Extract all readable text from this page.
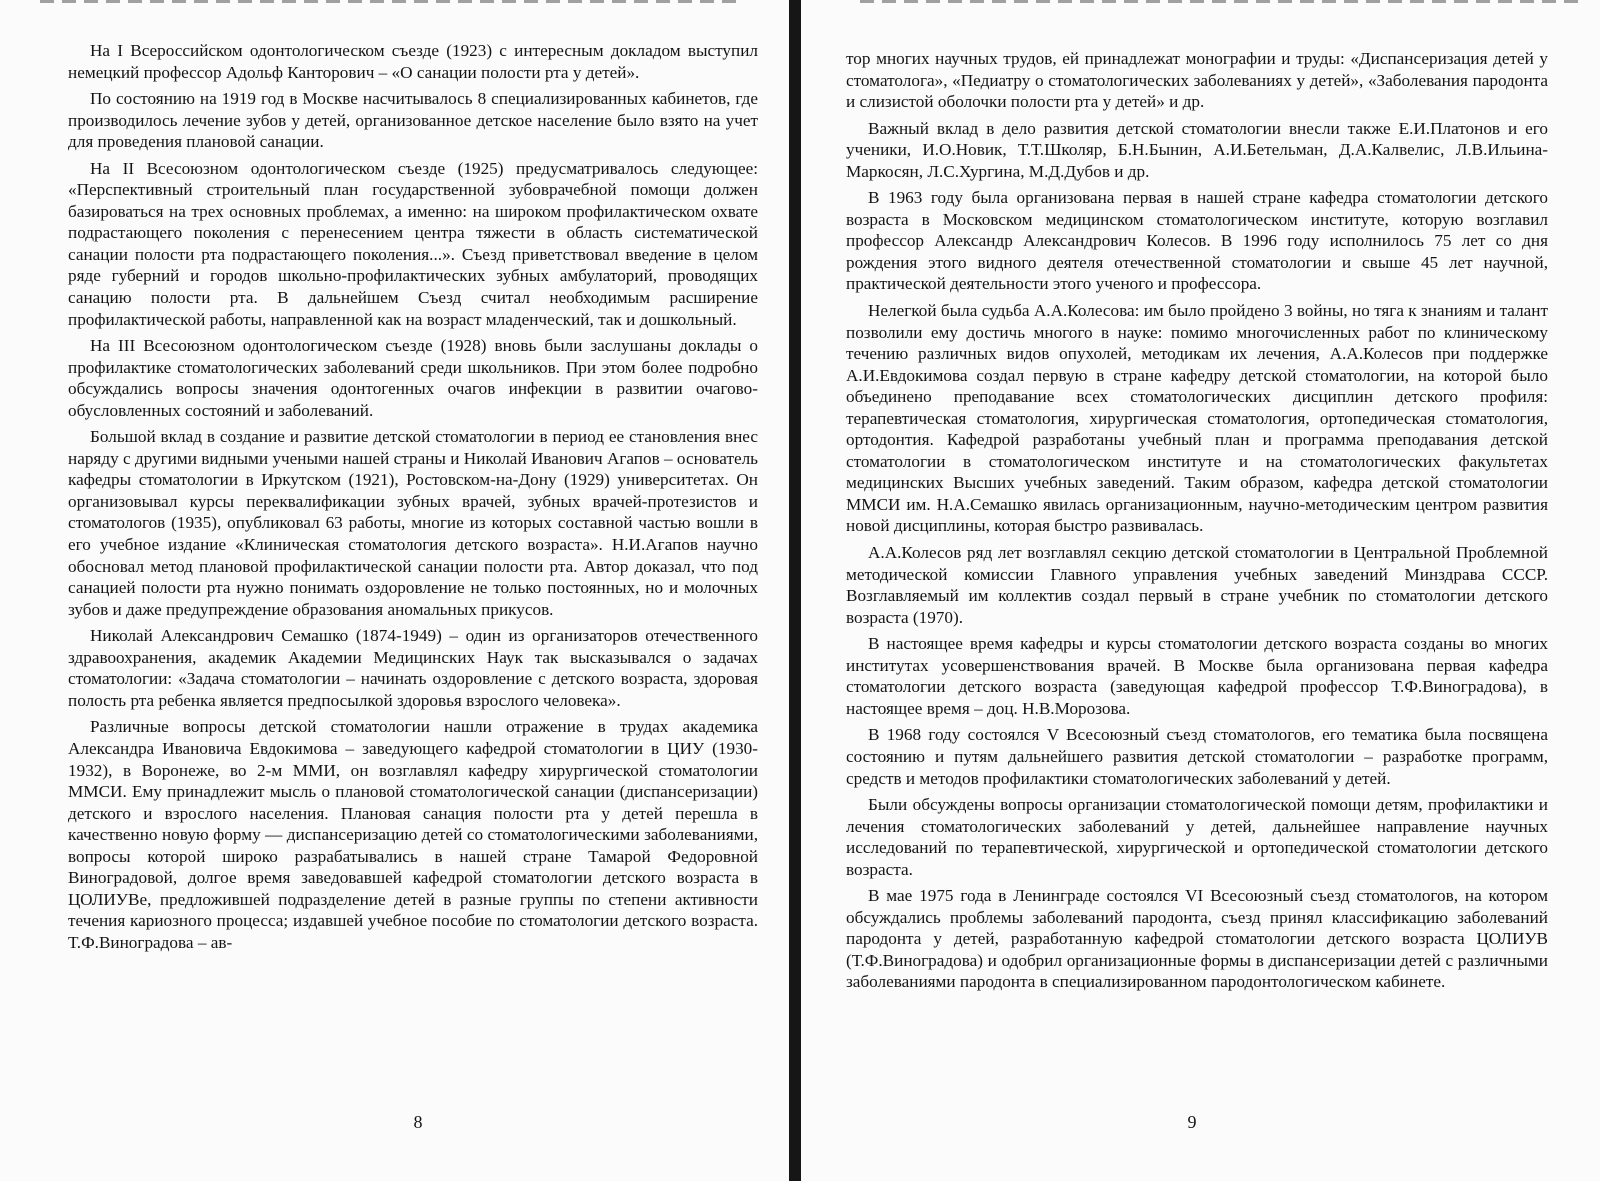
На I Всероссийском одонтологическом съезде (1923) с интересным докладом выступил немецкий профессор Адольф Канторович – «О санации полости рта у детей».

По состоянию на 1919 год в Москве насчитывалось 8 специализированных кабинетов, где производилось лечение зубов у детей, организованное детское население было взято на учет для проведения плановой санации.

На II Всесоюзном одонтологическом съезде (1925) предусматривалось следующее: «Перспективный строительный план государственной зубоврачебной помощи должен базироваться на трех основных проблемах, а именно: на широком профилактическом охвате подрастающего поколения с перенесением центра тяжести в область систематической санации полости рта подрастающего поколения...». Съезд приветствовал введение в целом ряде губерний и городов школьно-профилактических зубных амбулаторий, проводящих санацию полости рта. В дальнейшем Съезд считал необходимым расширение профилактической работы, направленной как на возраст младенческий, так и дошкольный.

На III Всесоюзном одонтологическом съезде (1928) вновь были заслушаны доклады о профилактике стоматологических заболеваний среди школьников. При этом более подробно обсуждались вопросы значения одонтогенных очагов инфекции в развитии очагово-обусловленных состояний и заболеваний.

Большой вклад в создание и развитие детской стоматологии в период ее становления внес наряду с другими видными учеными нашей страны и Николай Иванович Агапов – основатель кафедры стоматологии в Иркутском (1921), Ростовском-на-Дону (1929) университетах. Он организовывал курсы переквалификации зубных врачей, зубных врачей-протезистов и стоматологов (1935), опубликовал 63 работы, многие из которых составной частью вошли в его учебное издание «Клиническая стоматология детского возраста». Н.И.Агапов научно обосновал метод плановой профилактической санации полости рта. Автор доказал, что под санацией полости рта нужно понимать оздоровление не только постоянных, но и молочных зубов и даже предупреждение образования аномальных прикусов.

Николай Александрович Семашко (1874-1949) – один из организаторов отечественного здравоохранения, академик Академии Медицинских Наук так высказывался о задачах стоматологии: «Задача стоматологии – начинать оздоровление с детского возраста, здоровая полость рта ребенка является предпосылкой здоровья взрослого человека».

Различные вопросы детской стоматологии нашли отражение в трудах академика Александра Ивановича Евдокимова – заведующего кафедрой стоматологии в ЦИУ (1930-1932), в Воронеже, во 2-м ММИ, он возглавлял кафедру хирургической стоматологии ММСИ. Ему принадлежит мысль о плановой стоматологической санации (диспансеризации) детского и взрослого населения. Плановая санация полости рта у детей перешла в качественно новую форму — диспансеризацию детей со стоматологическими заболеваниями, вопросы которой широко разрабатывались в нашей стране Тамарой Федоровной Виноградовой, долгое время заведовавшей кафедрой стоматологии детского возраста в ЦОЛИУВе, предложившей подразделение детей в разные группы по степени активности течения кариозного процесса; издавшей учебное пособие по стоматологии детского возраста. Т.Ф.Виноградова – ав-

8

тор многих научных трудов, ей принадлежат монографии и труды: «Диспансеризация детей у стоматолога», «Педиатру о стоматологических заболеваниях у детей», «Заболевания пародонта и слизистой оболочки полости рта у детей» и др.

Важный вклад в дело развития детской стоматологии внесли также Е.И.Платонов и его ученики, И.О.Новик, Т.Т.Школяр, Б.Н.Бынин, А.И.Бетельман, Д.А.Калвелис, Л.В.Ильина-Маркосян, Л.С.Хургина, М.Д.Дубов и др.

В 1963 году была организована первая в нашей стране кафедра стоматологии детского возраста в Московском медицинском стоматологическом институте, которую возглавил профессор Александр Александрович Колесов. В 1996 году исполнилось 75 лет со дня рождения этого видного деятеля отечественной стоматологии и свыше 45 лет научной, практической деятельности этого ученого и профессора.

Нелегкой была судьба А.А.Колесова: им было пройдено 3 войны, но тяга к знаниям и талант позволили ему достичь многого в науке: помимо многочисленных работ по клиническому течению различных видов опухолей, методикам их лечения, А.А.Колесов при поддержке А.И.Евдокимова создал первую в стране кафедру детской стоматологии, на которой было объединено преподавание всех стоматологических дисциплин детского профиля: терапевтическая стоматология, хирургическая стоматология, ортопедическая стоматология, ортодонтия. Кафедрой разработаны учебный план и программа преподавания детской стоматологии в стоматологическом институте и на стоматологических факультетах медицинских Высших учебных заведений. Таким образом, кафедра детской стоматологии ММСИ им. Н.А.Семашко явилась организационным, научно-методическим центром развития новой дисциплины, которая быстро развивалась.

А.А.Колесов ряд лет возглавлял секцию детской стоматологии в Центральной Проблемной методической комиссии Главного управления учебных заведений Минздрава СССР. Возглавляемый им коллектив создал первый в стране учебник по стоматологии детского возраста (1970).

В настоящее время кафедры и курсы стоматологии детского возраста созданы во многих институтах усовершенствования врачей. В Москве была организована первая кафедра стоматологии детского возраста (заведующая кафедрой профессор Т.Ф.Виноградова), в настоящее время – доц. Н.В.Морозова.

В 1968 году состоялся V Всесоюзный съезд стоматологов, его тематика была посвящена состоянию и путям дальнейшего развития детской стоматологии – разработке программ, средств и методов профилактики стоматологических заболеваний у детей.

Были обсуждены вопросы организации стоматологической помощи детям, профилактики и лечения стоматологических заболеваний у детей, дальнейшее направление научных исследований по терапевтической, хирургической и ортопедической стоматологии детского возраста.

В мае 1975 года в Ленинграде состоялся VI Всесоюзный съезд стоматологов, на котором обсуждались проблемы заболеваний пародонта, съезд принял классификацию заболеваний пародонта у детей, разработанную кафедрой стоматологии детского возраста ЦОЛИУВ (Т.Ф.Виноградова) и одобрил организационные формы в диспансеризации детей с различными заболеваниями пародонта в специализированном пародонтологическом кабинете.

9
